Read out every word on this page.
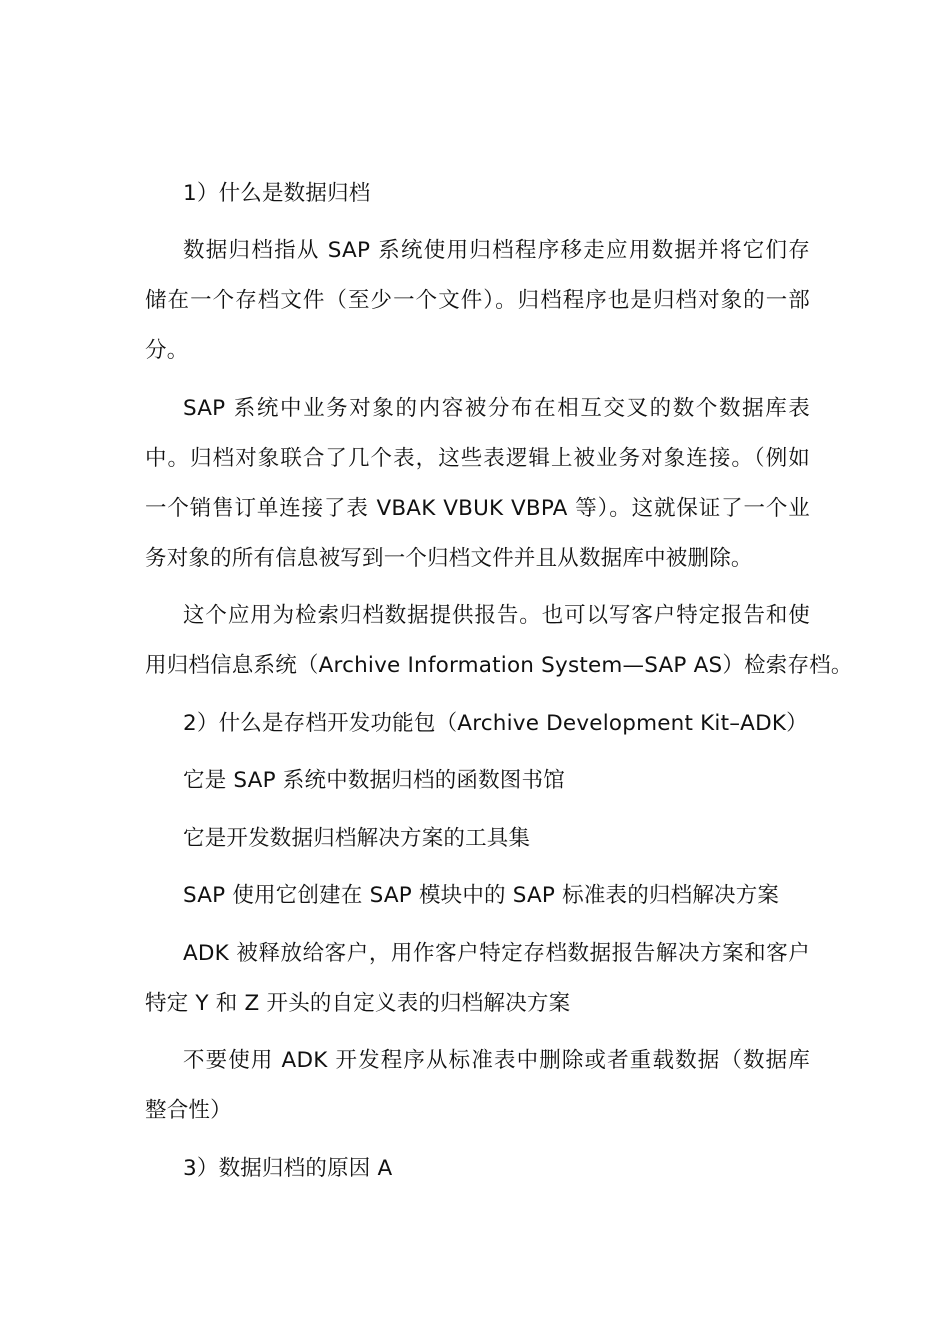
1）什么是数据归档
数据归档指从 SAP 系统使用归档程序移走应用数据并将它们存
储在一个存档文件（至少一个文件）。归档程序也是归档对象的一部
分。
SAP 系统中业务对象的内容被分布在相互交叉的数个数据库表
中。归档对象联合了几个表，这些表逻辑上被业务对象连接。（例如
一个销售订单连接了表 VBAK VBUK VBPA 等）。这就保证了一个业
务对象的所有信息被写到一个归档文件并且从数据库中被删除。
这个应用为检索归档数据提供报告。也可以写客户特定报告和使
用归档信息系统（Archive Information System—SAP AS）检索存档。
2）什么是存档开发功能包（Archive Development Kit–ADK）
它是 SAP 系统中数据归档的函数图书馆
它是开发数据归档解决方案的工具集
SAP 使用它创建在 SAP 模块中的 SAP 标准表的归档解决方案
ADK 被释放给客户，用作客户特定存档数据报告解决方案和客户
特定 Y 和 Z 开头的自定义表的归档解决方案
不要使用 ADK 开发程序从标准表中删除或者重载数据（数据库
整合性）
3）数据归档的原因 A
